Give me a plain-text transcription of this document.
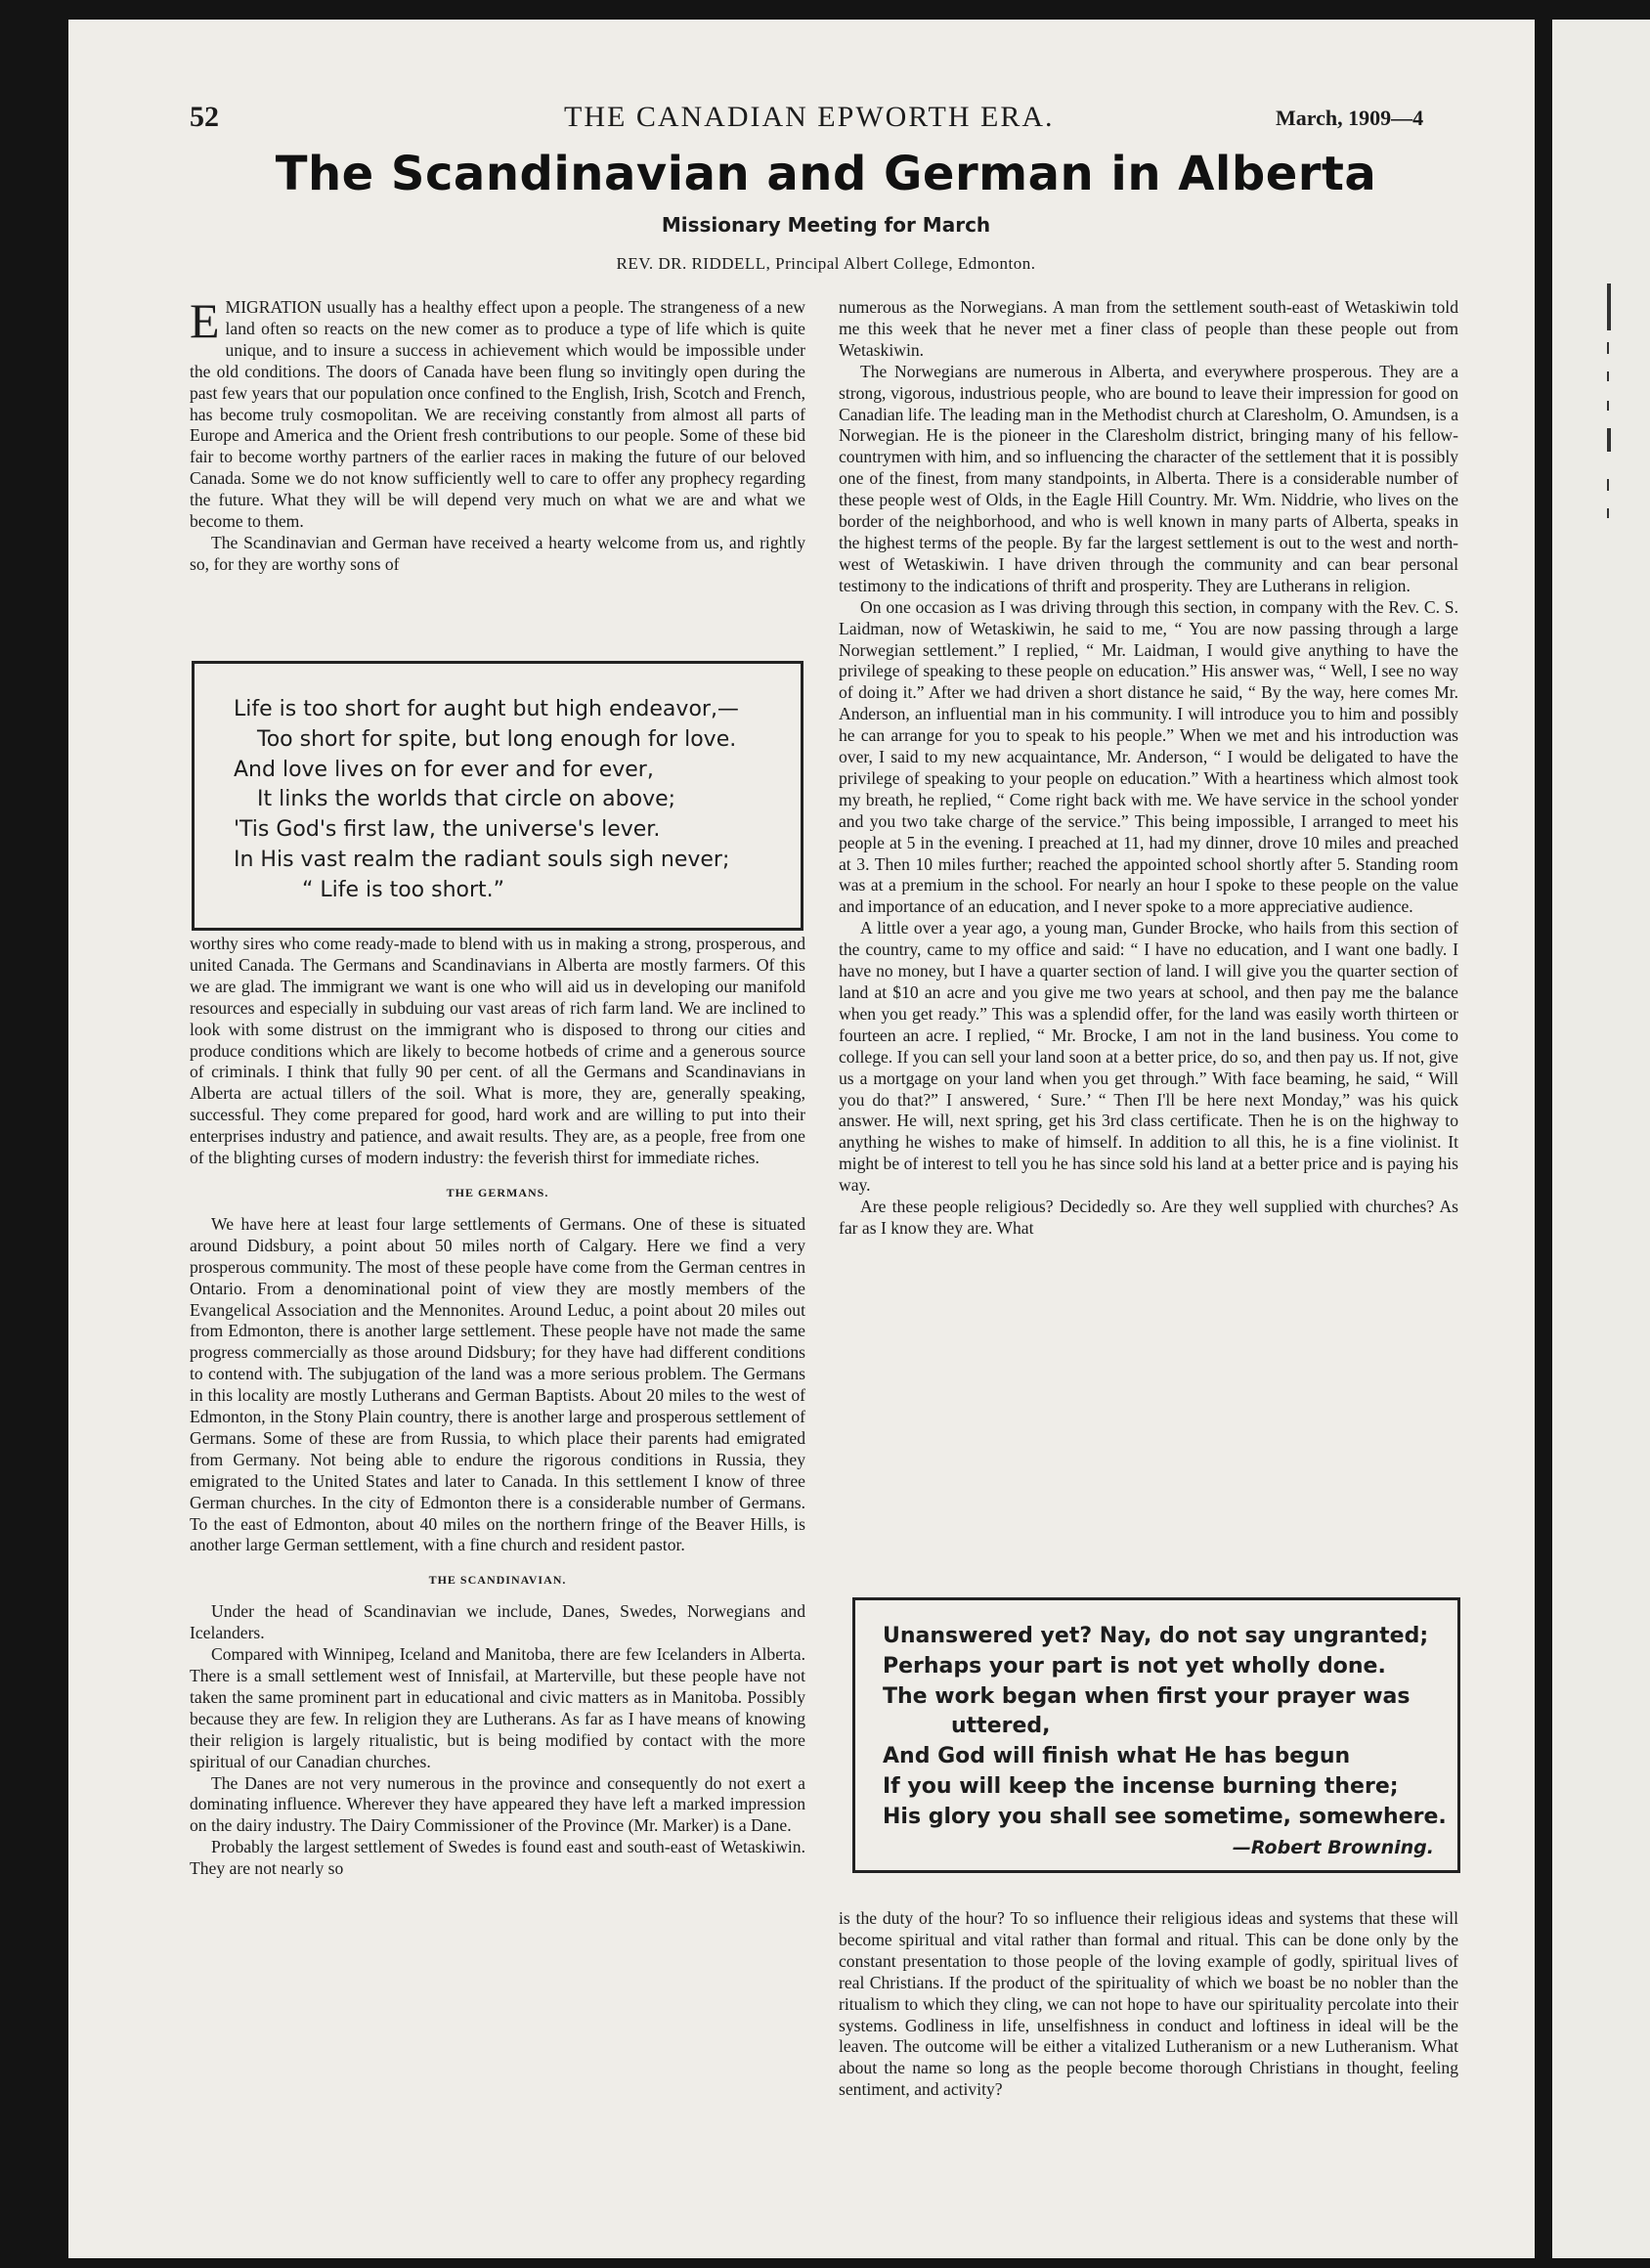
52	THE CANADIAN EPWORTH ERA.	March, 1909—4
The Scandinavian and German in Alberta
Missionary Meeting for March
REV. DR. RIDDELL, Principal Albert College, Edmonton.

EMIGRATION usually has a healthy effect upon a people. The strangeness of a new land often so reacts on the new comer as to produce a type of life which is quite unique, and to insure a success in achievement which would be impossible under the old conditions. The doors of Canada have been flung so invitingly open during the past few years that our population once confined to the English, Irish, Scotch and French, has become truly cosmopolitan. We are receiving constantly from almost all parts of Europe and America and the Orient fresh contributions to our people. Some of these bid fair to become worthy partners of the earlier races in making the future of our beloved Canada. Some we do not know sufficiently well to care to offer any prophecy regarding the future. What they will be will depend very much on what we are and what we become to them.

The Scandinavian and German have received a hearty welcome from us, and rightly so, for they are worthy sons of

Life is too short for aught but high endeavor,—
Too short for spite, but long enough for love.
And love lives on for ever and for ever,
It links the worlds that circle on above;
'Tis God's first law, the universe's lever.
In His vast realm the radiant souls sigh never;
“ Life is too short.”

worthy sires who come ready-made to blend with us in making a strong, prosperous, and united Canada. The Germans and Scandinavians in Alberta are mostly farmers. Of this we are glad. The immigrant we want is one who will aid us in developing our manifold resources and especially in subduing our vast areas of rich farm land. We are inclined to look with some distrust on the immigrant who is disposed to throng our cities and produce conditions which are likely to become hotbeds of crime and a generous source of criminals. I think that fully 90 per cent. of all the Germans and Scandinavians in Alberta are actual tillers of the soil. What is more, they are, generally speaking, successful. They come prepared for good, hard work and are willing to put into their enterprises industry and patience, and await results. They are, as a people, free from one of the blighting curses of modern industry: the feverish thirst for immediate riches.

THE GERMANS.

We have here at least four large settlements of Germans. One of these is situated around Didsbury, a point about 50 miles north of Calgary. Here we find a very prosperous community. The most of these people have come from the German centres in Ontario. From a denominational point of view they are mostly members of the Evangelical Association and the Mennonites. Around Leduc, a point about 20 miles out from Edmonton, there is another large settlement. These people have not made the same progress commercially as those around Didsbury; for they have had different conditions to contend with. The subjugation of the land was a more serious problem. The Germans in this locality are mostly Lutherans and German Baptists. About 20 miles to the west of Edmonton, in the Stony Plain country, there is another large and prosperous settlement of Germans. Some of these are from Russia, to which place their parents had emigrated from Germany. Not being able to endure the rigorous conditions in Russia, they emigrated to the United States and later to Canada. In this settlement I know of three German churches. In the city of Edmonton there is a considerable number of Germans. To the east of Edmonton, about 40 miles on the northern fringe of the Beaver Hills, is another large German settlement, with a fine church and resident pastor.

THE SCANDINAVIAN.

Under the head of Scandinavian we include, Danes, Swedes, Norwegians and Icelanders.

Compared with Winnipeg, Iceland and Manitoba, there are few Icelanders in Alberta. There is a small settlement west of Innisfail, at Marterville, but these people have not taken the same prominent part in educational and civic matters as in Manitoba. Possibly because they are few. In religion they are Lutherans. As far as I have means of knowing their religion is largely ritualistic, but is being modified by contact with the more spiritual of our Canadian churches.

The Danes are not very numerous in the province and consequently do not exert a dominating influence. Wherever they have appeared they have left a marked impression on the dairy industry. The Dairy Commissioner of the Province (Mr. Marker) is a Dane.

Probably the largest settlement of Swedes is found east and south-east of Wetaskiwin. They are not nearly so

numerous as the Norwegians. A man from the settlement south-east of Wetaskiwin told me this week that he never met a finer class of people than these people out from Wetaskiwin.

The Norwegians are numerous in Alberta, and everywhere prosperous. They are a strong, vigorous, industrious people, who are bound to leave their impression for good on Canadian life. The leading man in the Methodist church at Claresholm, O. Amundsen, is a Norwegian. He is the pioneer in the Claresholm district, bringing many of his fellow-countrymen with him, and so influencing the character of the settlement that it is possibly one of the finest, from many standpoints, in Alberta. There is a considerable number of these people west of Olds, in the Eagle Hill Country. Mr. Wm. Niddrie, who lives on the border of the neighborhood, and who is well known in many parts of Alberta, speaks in the highest terms of the people. By far the largest settlement is out to the west and north-west of Wetaskiwin. I have driven through the community and can bear personal testimony to the indications of thrift and prosperity. They are Lutherans in religion.

On one occasion as I was driving through this section, in company with the Rev. C. S. Laidman, now of Wetaskiwin, he said to me, “ You are now passing through a large Norwegian settlement.” I replied, “ Mr. Laidman, I would give anything to have the privilege of speaking to these people on education.” His answer was, “ Well, I see no way of doing it.” After we had driven a short distance he said, “ By the way, here comes Mr. Anderson, an influential man in his community. I will introduce you to him and possibly he can arrange for you to speak to his people.” When we met and his introduction was over, I said to my new acquaintance, Mr. Anderson, “ I would be deligated to have the privilege of speaking to your people on education.” With a heartiness which almost took my breath, he replied, “ Come right back with me. We have service in the school yonder and you two take charge of the service.” This being impossible, I arranged to meet his people at 5 in the evening. I preached at 11, had my dinner, drove 10 miles and preached at 3. Then 10 miles further; reached the appointed school shortly after 5. Standing room was at a premium in the school. For nearly an hour I spoke to these people on the value and importance of an education, and I never spoke to a more appreciative audience.

A little over a year ago, a young man, Gunder Brocke, who hails from this section of the country, came to my office and said: “ I have no education, and I want one badly. I have no money, but I have a quarter section of land. I will give you the quarter section of land at $10 an acre and you give me two years at school, and then pay me the balance when you get ready.” This was a splendid offer, for the land was easily worth thirteen or fourteen an acre. I replied, “ Mr. Brocke, I am not in the land business. You come to college. If you can sell your land soon at a better price, do so, and then pay us. If not, give us a mortgage on your land when you get through.” With face beaming, he said, “ Will you do that?” I answered, ‘ Sure.’ “ Then I'll be here next Monday,” was his quick answer. He will, next spring, get his 3rd class certificate. Then he is on the highway to anything he wishes to make of himself. In addition to all this, he is a fine violinist. It might be of interest to tell you he has since sold his land at a better price and is paying his way.

Are these people religious? Decidedly so. Are they well supplied with churches? As far as I know they are. What

Unanswered yet? Nay, do not say ungranted;
Perhaps your part is not yet wholly done.
The work began when first your prayer was
uttered,
And God will finish what He has begun
If you will keep the incense burning there;
His glory you shall see sometime, somewhere.
—Robert Browning.

is the duty of the hour? To so influence their religious ideas and systems that these will become spiritual and vital rather than formal and ritual. This can be done only by the constant presentation to those people of the loving example of godly, spiritual lives of real Christians. If the product of the spirituality of which we boast be no nobler than the ritualism to which they cling, we can not hope to have our spirituality percolate into their systems. Godliness in life, unselfishness in conduct and loftiness in ideal will be the leaven. The outcome will be either a vitalized Lutheranism or a new Lutheranism. What about the name so long as the people become thorough Christians in thought, feeling sentiment, and activity?
